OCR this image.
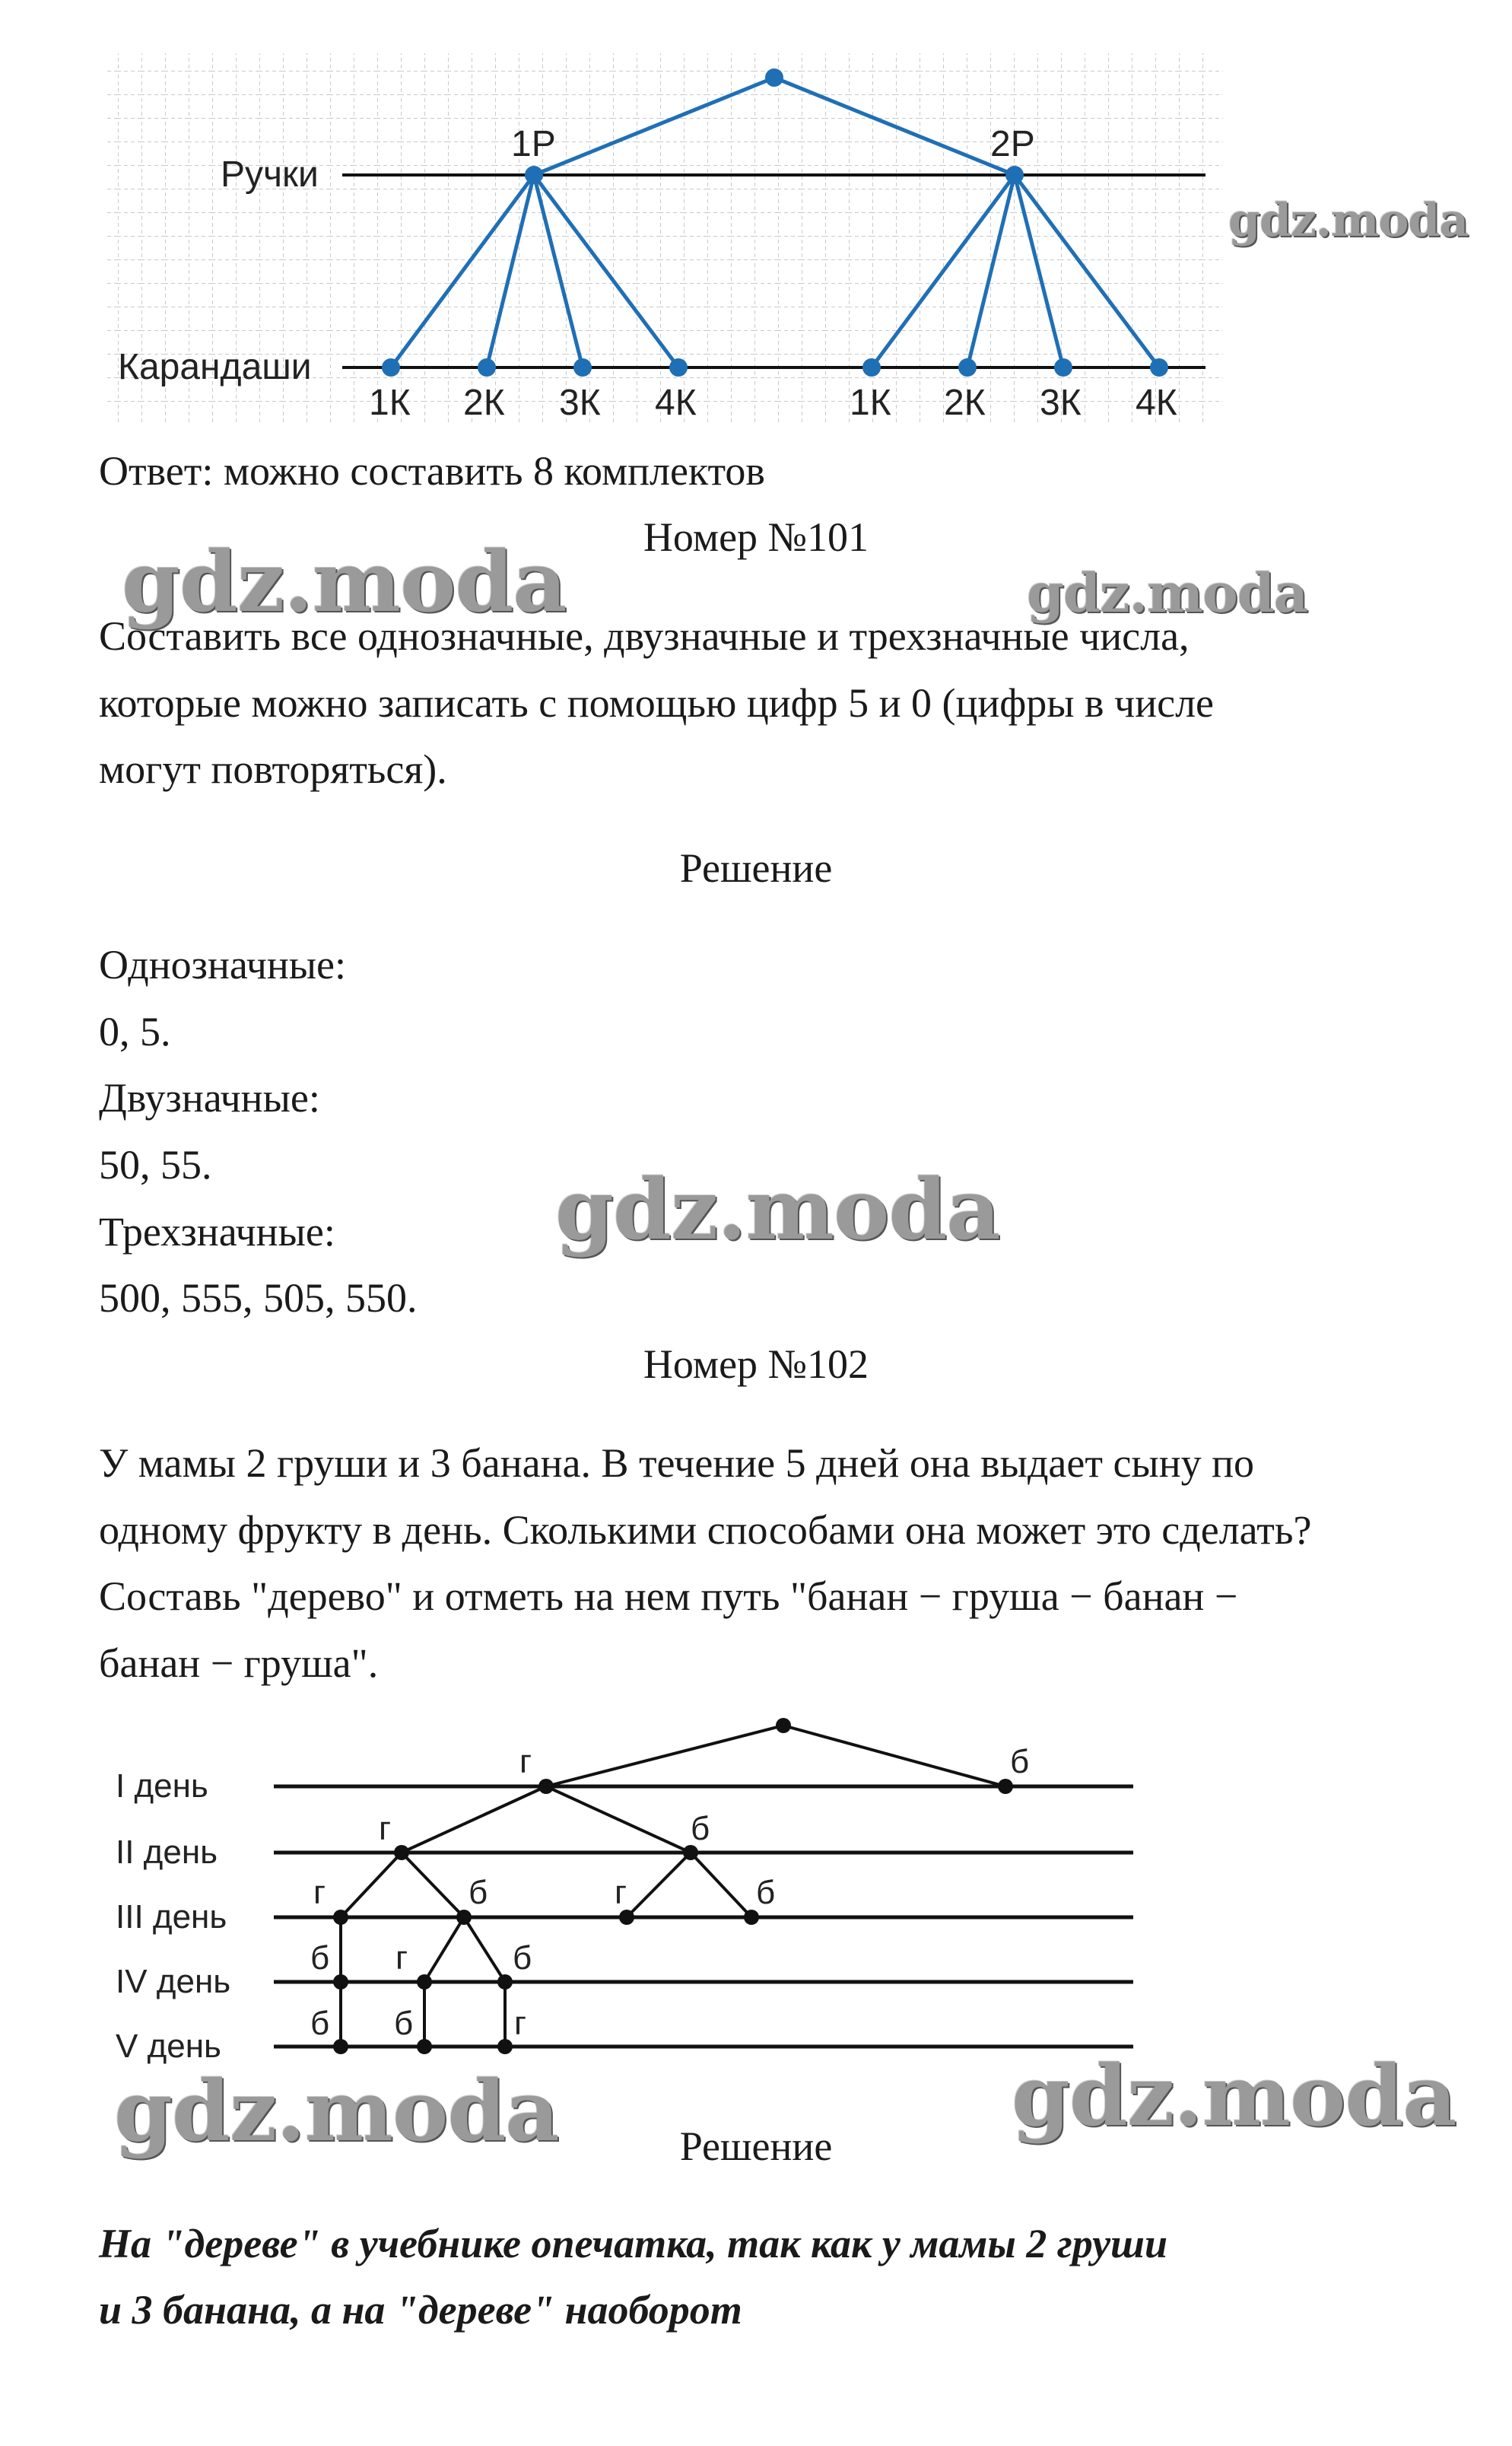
Ручки
Карандаши
1Р	2Р
1К 2К 3К 4К	1К 2К 3К 4К
gdz.moda
Ответ: можно составить 8 комплектов
Номер №101
gdz.moda	gdz.moda
Составить все однозначные, двузначные и трехзначные числа,
которые можно записать с помощью цифр 5 и 0 (цифры в числе
могут повторяться).
Решение
Однозначные:
0, 5.
Двузначные:
50, 55.
Трехзначные:
500, 555, 505, 550.
gdz.moda
Номер №102
У мамы 2 груши и 3 банана. В течение 5 дней она выдает сыну по
одному фрукту в день. Сколькими способами она может это сделать?
Составь "дерево" и отметь на нем путь "банан − груша − банан −
банан − груша".
I день
II день
III день
IV день
V день
г	б
г	б
г	б	г	б
б г	б
б б	г
gdz.moda	gdz.moda
Решение
На "дереве" в учебнике опечатка, так как у мамы 2 груши
и 3 банана, а на "дереве" наоборот
